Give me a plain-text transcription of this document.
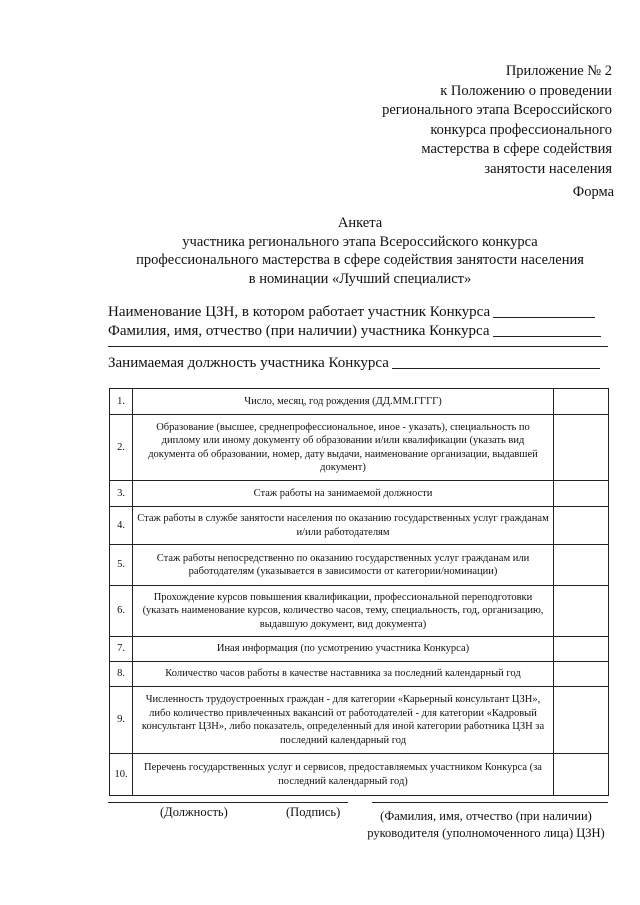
Приложение № 2
к Положению о проведении
регионального этапа Всероссийского
конкурса профессионального
мастерства в сфере содействия
занятости населения
Форма
Анкета
участника регионального этапа Всероссийского конкурса
профессионального мастерства в сфере содействия занятости населения
в номинации «Лучший специалист»
Наименование ЦЗН, в котором работает участник Конкурса
Фамилия, имя, отчество (при наличии) участника Конкурса
Занимаемая должность участника Конкурса
1.	Число, месяц, год рождения (ДД.ММ.ГГГГ)	
2.	Образование (высшее, среднепрофессиональное, иное - указать), специальность по диплому или иному документу об образовании и/или квалификации (указать вид документа об образовании, номер, дату выдачи, наименование организации, выдавшей документ)	
3.	Стаж работы на занимаемой должности	
4.	Стаж работы в службе занятости населения по оказанию государственных услуг гражданам и/или работодателям	
5.	Стаж работы непосредственно по оказанию государственных услуг гражданам или работодателям (указывается в зависимости от категории/номинации)	
6.	Прохождение курсов повышения квалификации, профессиональной переподготовки (указать наименование курсов, количество часов, тему, специальность, год, организацию, выдавшую документ, вид документа)	
7.	Иная информация (по усмотрению участника Конкурса)	
8.	Количество часов работы в качестве наставника за последний календарный год	
9.	Численность трудоустроенных граждан - для категории «Карьерный консультант ЦЗН», либо количество привлеченных вакансий от работодателей - для категории «Кадровый консультант ЦЗН», либо показатель, определенный для иной категории работника ЦЗН за последний календарный год	
10.	Перечень государственных услуг и сервисов, предоставляемых участником Конкурса (за последний календарный год)	
(Должность)	(Подпись)	(Фамилия, имя, отчество (при наличии)
руководителя (уполномоченного лица) ЦЗН)
